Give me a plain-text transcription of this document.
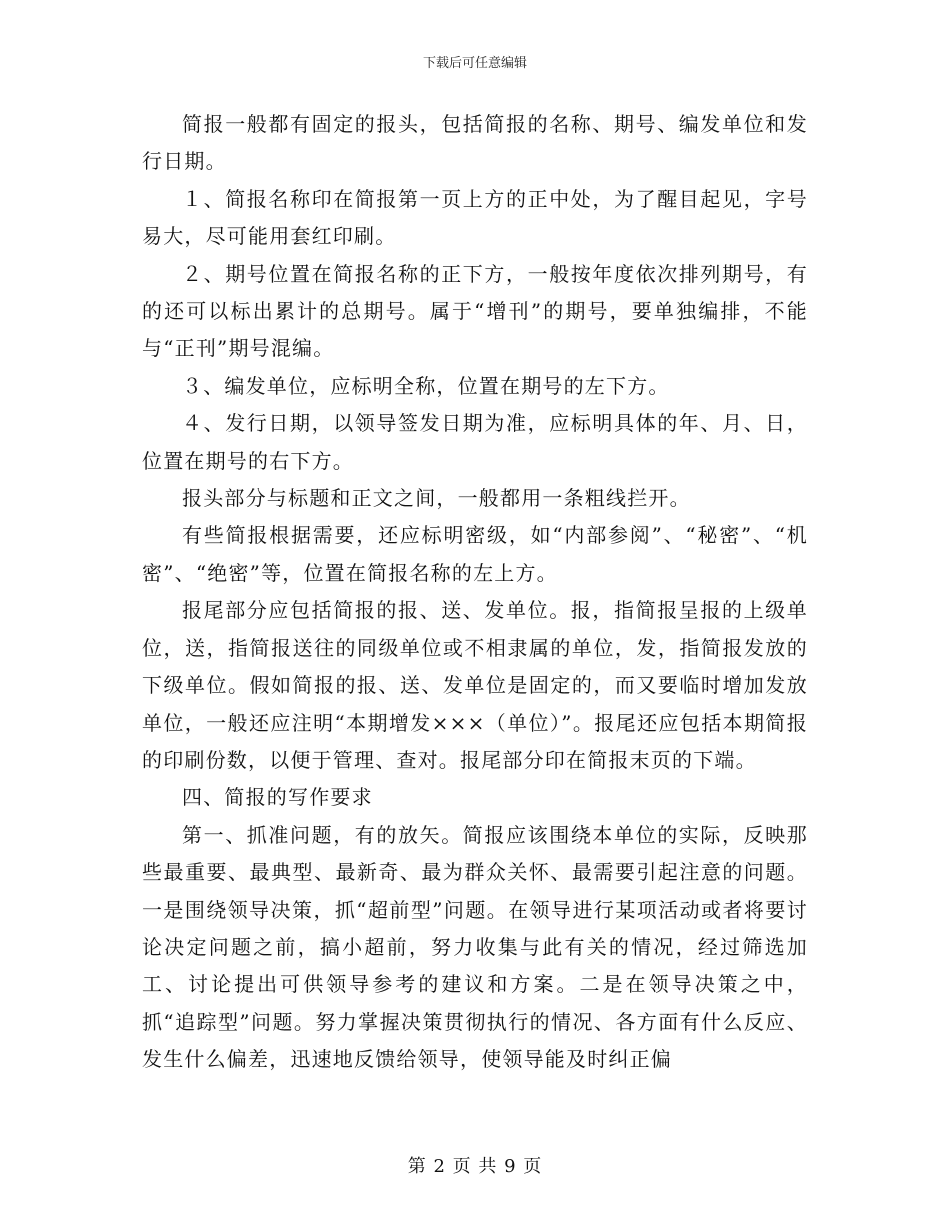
下载后可任意编辑

简报一般都有固定的报头，包括简报的名称、期号、编发单位和发行日期。

１、简报名称印在简报第一页上方的正中处，为了醒目起见，字号易大，尽可能用套红印刷。

２、期号位置在简报名称的正下方，一般按年度依次排列期号，有的还可以标出累计的总期号。属于“增刊”的期号，要单独编排，不能与“正刊”期号混编。

３、编发单位，应标明全称，位置在期号的左下方。

４、发行日期，以领导签发日期为准，应标明具体的年、月、日，位置在期号的右下方。

报头部分与标题和正文之间，一般都用一条粗线拦开。

有些简报根据需要，还应标明密级，如“内部参阅”、“秘密”、“机密”、“绝密”等，位置在简报名称的左上方。

报尾部分应包括简报的报、送、发单位。报，指简报呈报的上级单位，送，指简报送往的同级单位或不相隶属的单位，发，指简报发放的下级单位。假如简报的报、送、发单位是固定的，而又要临时增加发放单位，一般还应注明“本期增发×××（单位）”。报尾还应包括本期简报的印刷份数，以便于管理、查对。报尾部分印在简报末页的下端。

四、简报的写作要求

第一、抓准问题，有的放矢。简报应该围绕本单位的实际，反映那些最重要、最典型、最新奇、最为群众关怀、最需要引起注意的问题。一是围绕领导决策，抓“超前型”问题。在领导进行某项活动或者将要讨论决定问题之前，搞小超前，努力收集与此有关的情况，经过筛选加工、讨论提出可供领导参考的建议和方案。二是在领导决策之中，抓“追踪型”问题。努力掌握决策贯彻执行的情况、各方面有什么反应、发生什么偏差，迅速地反馈给领导，使领导能及时纠正偏

第 2 页 共 9 页
